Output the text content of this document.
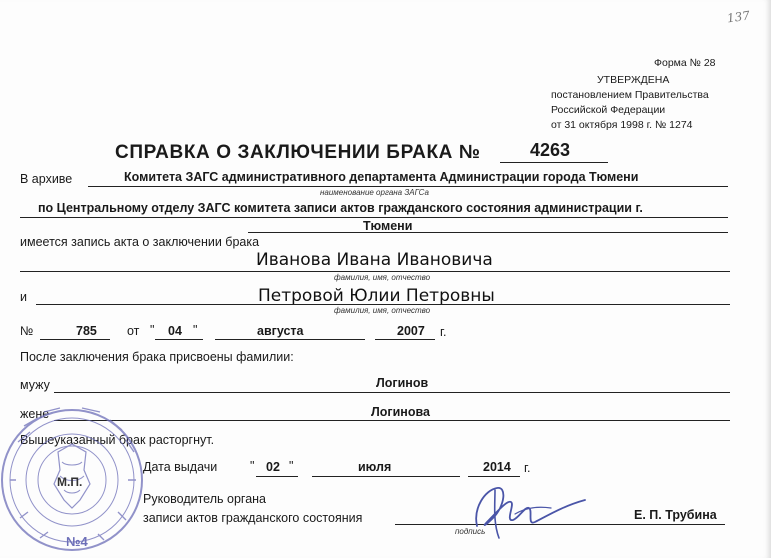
137
Форма № 28
УТВЕРЖДЕНА
постановлением Правительства
Российской Федерации
от 31 октября 1998 г. № 1274
СПРАВКА О ЗАКЛЮЧЕНИИ БРАКА №	4263
В архиве	Комитета ЗАГС административного департамента Администрации города Тюмени
наименование органа ЗАГСа
по Центральному отделу ЗАГС комитета записи актов гражданского состояния администрации г.
Тюмени
имеется запись акта о заключении брака
Иванова Ивана Ивановича
фамилия, имя, отчество
и	Петровой Юлии Петровны
фамилия, имя, отчество
№	785 от " 04 "	августа	2007 г.
После заключения брака присвоены фамилии:
мужу	Логинов
жене	Логинова
Вышеуказанный брак расторгнут.
Дата выдачи	" 02 "	июля	2014 г.
Руководитель органа
записи актов гражданского состояния
подпись
Е. П. Трубина
М.П.
№4
